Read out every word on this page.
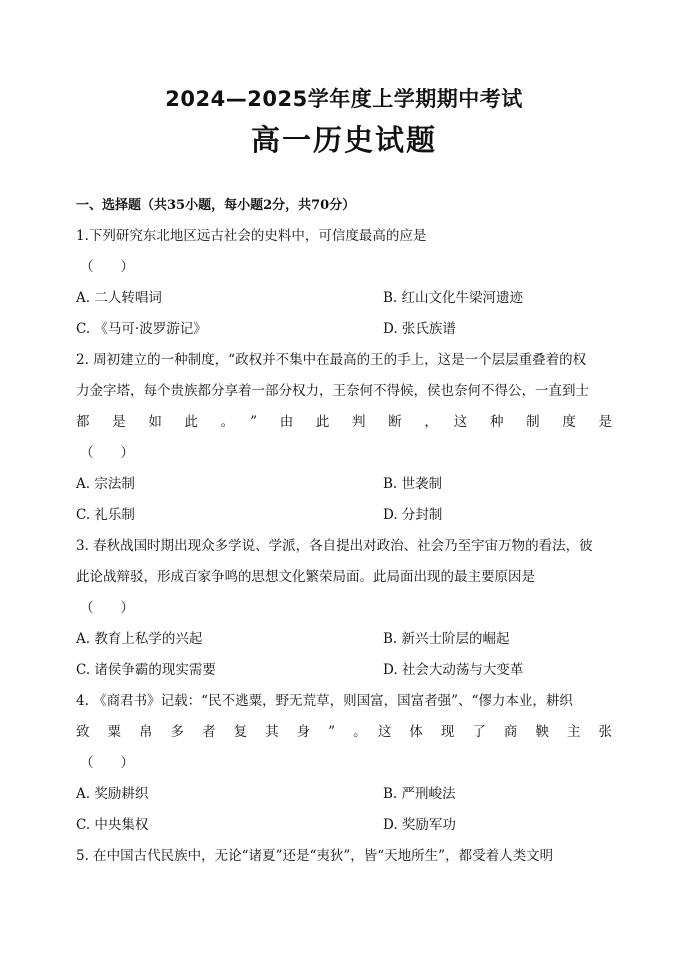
2024—2025学年度上学期期中考试
高一历史试题
一、选择题（共35小题，每小题2分，共70分）
1.下列研究东北地区远古社会的史料中，可信度最高的应是
（　　）
A. 二人转唱词	B. 红山文化牛梁河遗迹
C. 《马可·波罗游记》	D. 张氏族谱
2. 周初建立的一种制度，“政权并不集中在最高的王的手上，这是一个层层重叠着的权
力金字塔，每个贵族都分享着一部分权力，王奈何不得候，侯也奈何不得公，一直到士
都　是　如　此　。　”　由　此　判　断　，　这　种　制　度　是
（　　）
A. 宗法制	B. 世袭制
C. 礼乐制	D. 分封制
3. 春秋战国时期出现众多学说、学派，各自提出对政治、社会乃至宇宙万物的看法，彼
此论战辩驳，形成百家争鸣的思想文化繁荣局面。此局面出现的最主要原因是
（　　）
A. 教育上私学的兴起	B. 新兴士阶层的崛起
C. 诸侯争霸的现实需要	D. 社会大动荡与大变革
4. 《商君书》记载：“民不逃粟，野无荒草，则国富，国富者强”、“僇力本业，耕织
致　粟　帛　多　者　复　其　身　”　。　这　体　现　了　商　鞅　主　张
（　　）
A. 奖励耕织	B. 严刑峻法
C. 中央集权	D. 奖励军功
5. 在中国古代民族中，无论“诸夏”还是“夷狄”，皆“天地所生”，都受着人类文明
